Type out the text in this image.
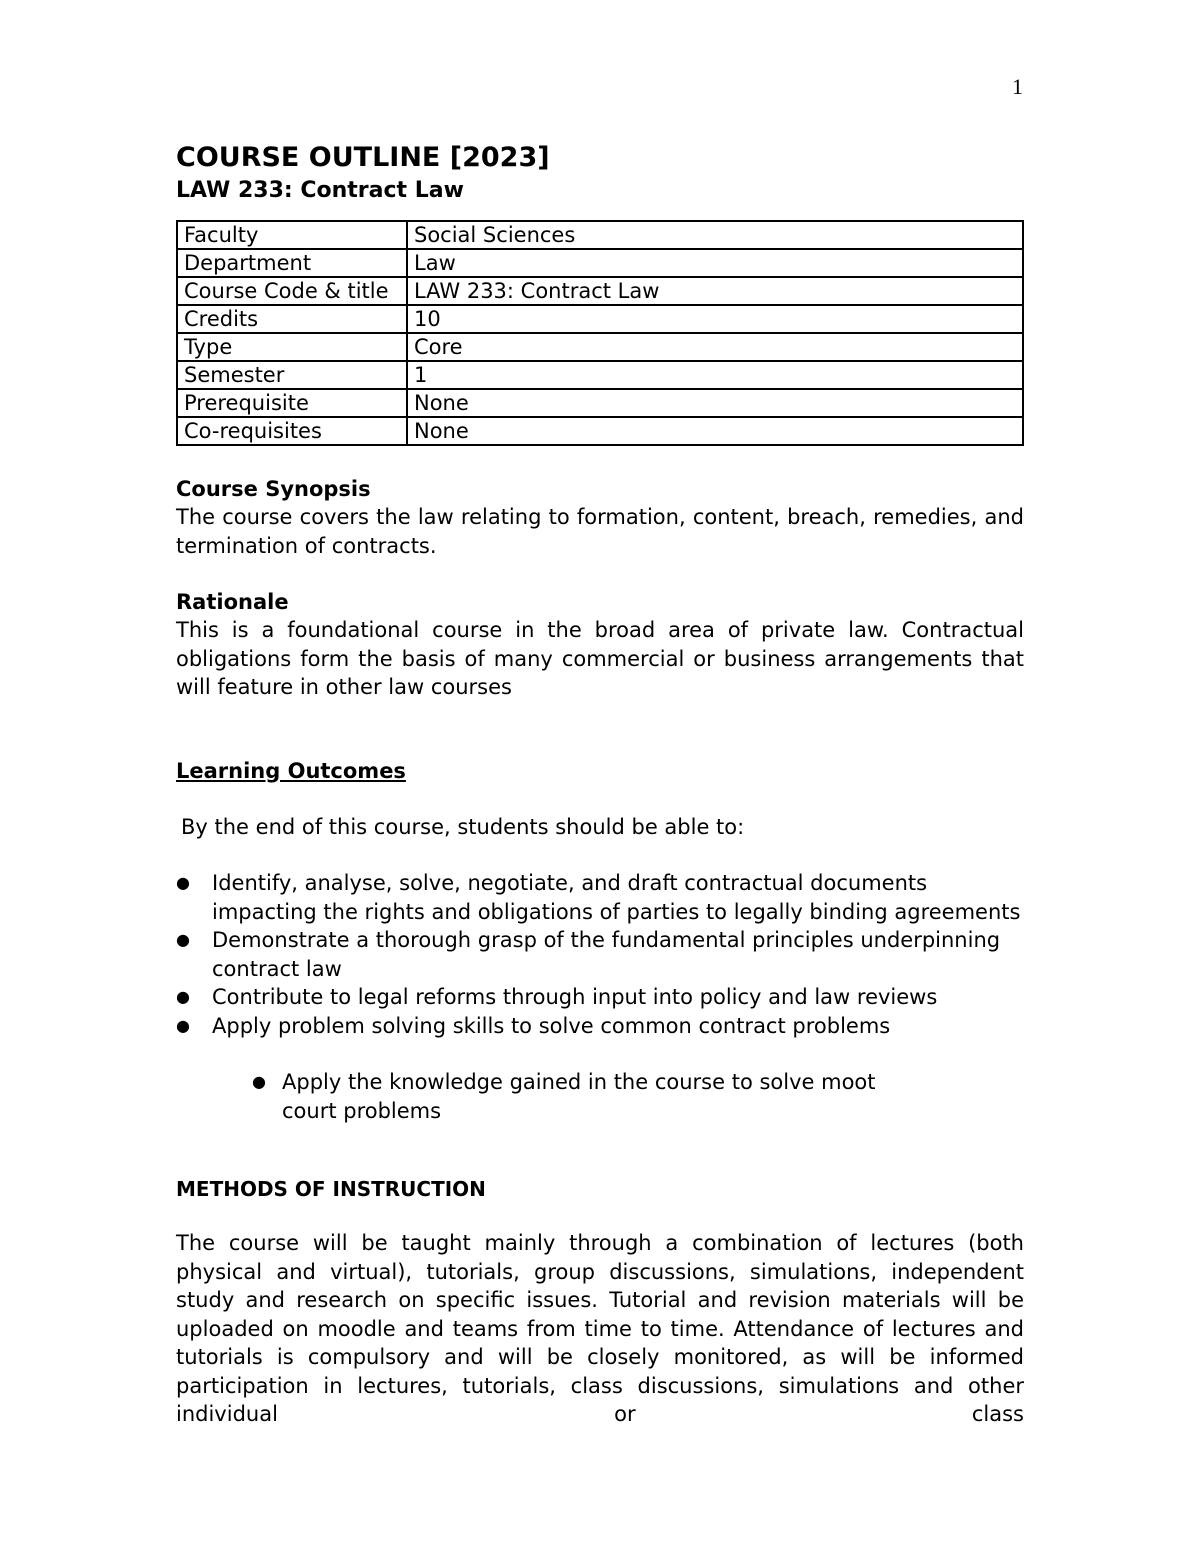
1
COURSE OUTLINE [2023]
LAW 233: Contract Law
Faculty	Social Sciences
Department	Law
Course Code & title	LAW 233: Contract Law
Credits	10
Type	Core
Semester	1
Prerequisite	None
Co-requisites	None
Course Synopsis

The course covers the law relating to formation, content, breach, remedies, and termination of contracts.

Rationale

This is a foundational course in the broad area of private law. Contractual obligations form the basis of many commercial or business arrangements that will feature in other law courses

Learning Outcomes

By the end of this course, students should be able to:

● Identify, analyse, solve, negotiate, and draft contractual documents impacting the rights and obligations of parties to legally binding agreements
● Demonstrate a thorough grasp of the fundamental principles underpinning contract law
● Contribute to legal reforms through input into policy and law reviews
● Apply problem solving skills to solve common contract problems
● Apply the knowledge gained in the course to solve moot court problems
METHODS OF INSTRUCTION

The course will be taught mainly through a combination of lectures (both physical and virtual), tutorials, group discussions, simulations, independent study and research on specific issues. Tutorial and revision materials will be uploaded on moodle and teams from time to time. Attendance of lectures and tutorials is compulsory and will be closely monitored, as will be informed participation in lectures, tutorials, class discussions, simulations and other individual or class
